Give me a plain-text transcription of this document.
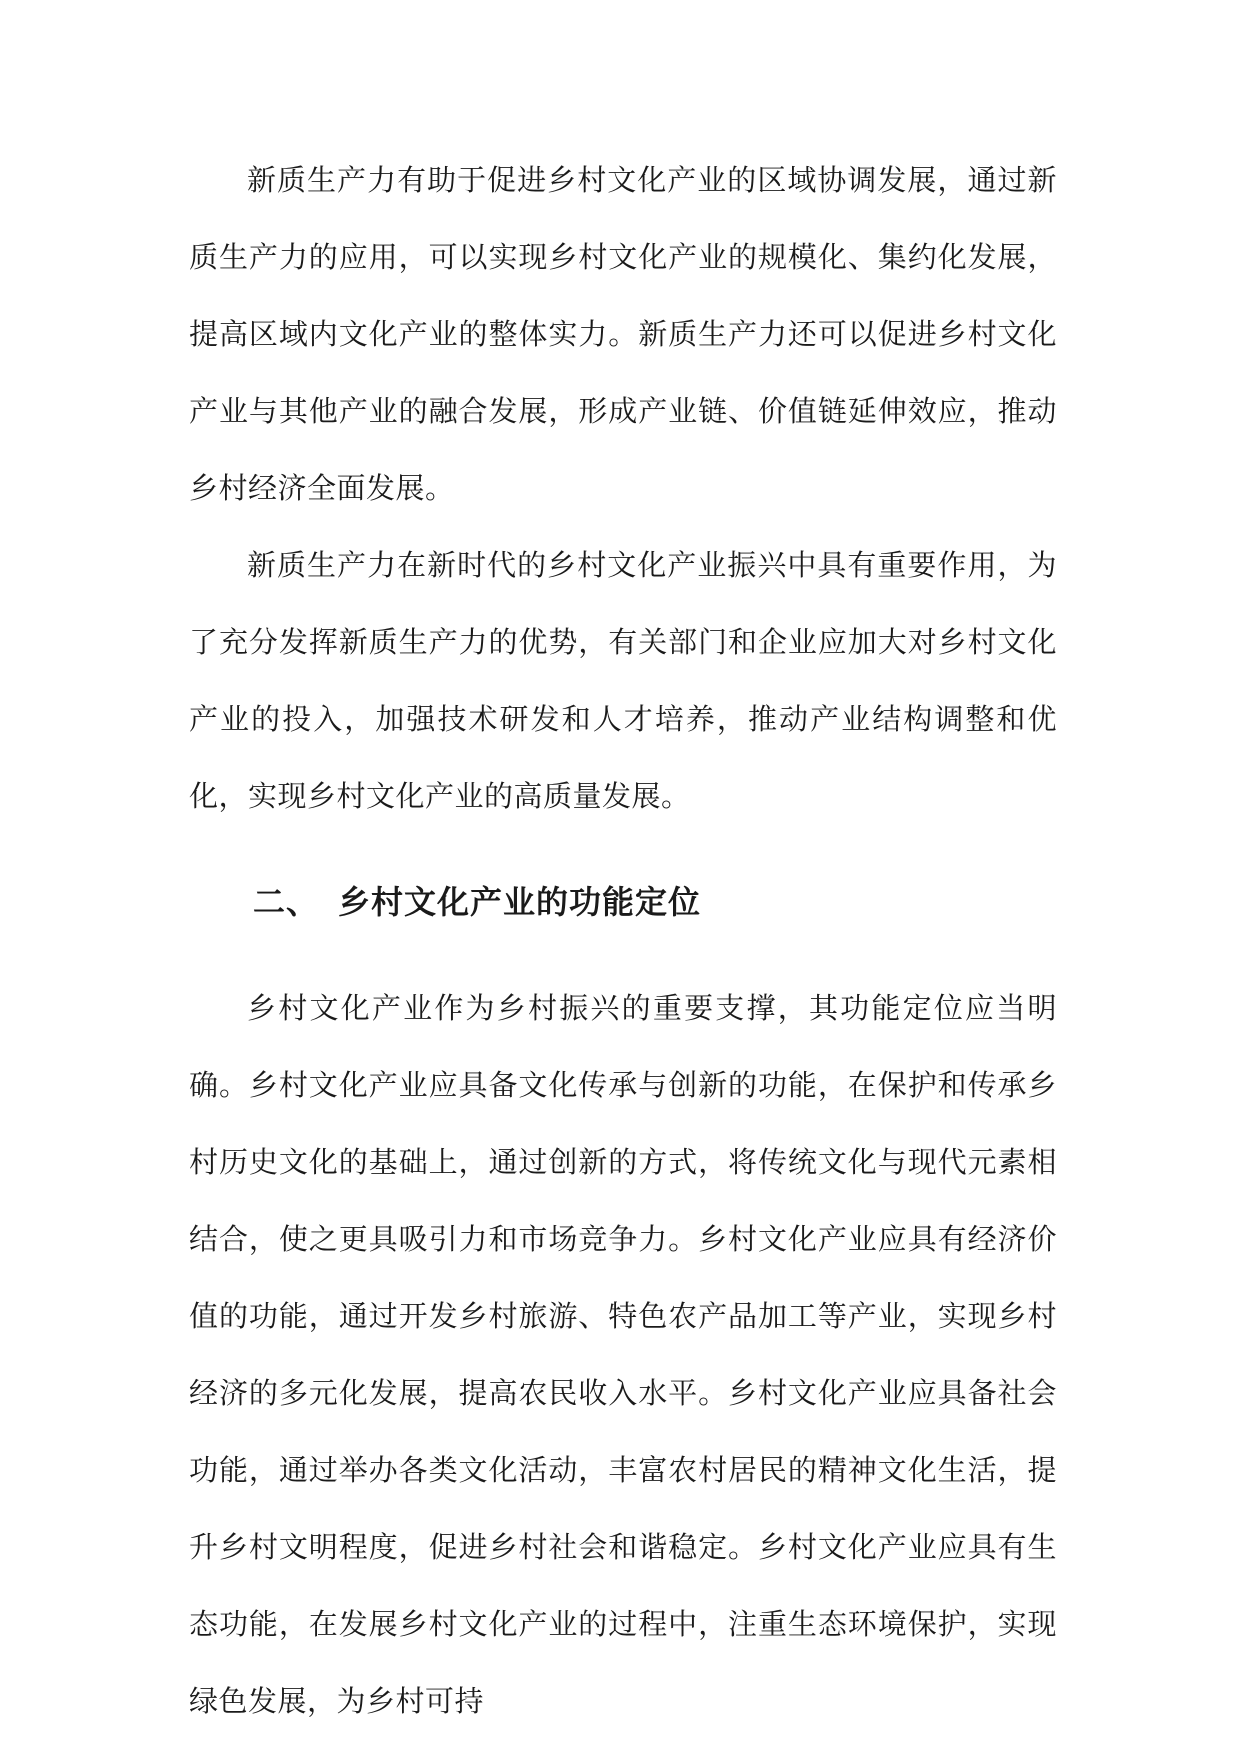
新质生产力有助于促进乡村文化产业的区域协调发展，通过新质生产力的应用，可以实现乡村文化产业的规模化、集约化发展，提高区域内文化产业的整体实力。新质生产力还可以促进乡村文化产业与其他产业的融合发展，形成产业链、价值链延伸效应，推动乡村经济全面发展。

新质生产力在新时代的乡村文化产业振兴中具有重要作用，为了充分发挥新质生产力的优势，有关部门和企业应加大对乡村文化产业的投入，加强技术研发和人才培养，推动产业结构调整和优化，实现乡村文化产业的高质量发展。

二、 乡村文化产业的功能定位

乡村文化产业作为乡村振兴的重要支撑，其功能定位应当明确。乡村文化产业应具备文化传承与创新的功能，在保护和传承乡村历史文化的基础上，通过创新的方式，将传统文化与现代元素相结合，使之更具吸引力和市场竞争力。乡村文化产业应具有经济价值的功能，通过开发乡村旅游、特色农产品加工等产业，实现乡村经济的多元化发展，提高农民收入水平。乡村文化产业应具备社会功能，通过举办各类文化活动，丰富农村居民的精神文化生活，提升乡村文明程度，促进乡村社会和谐稳定。乡村文化产业应具有生态功能，在发展乡村文化产业的过程中，注重生态环境保护，实现绿色发展，为乡村可持
